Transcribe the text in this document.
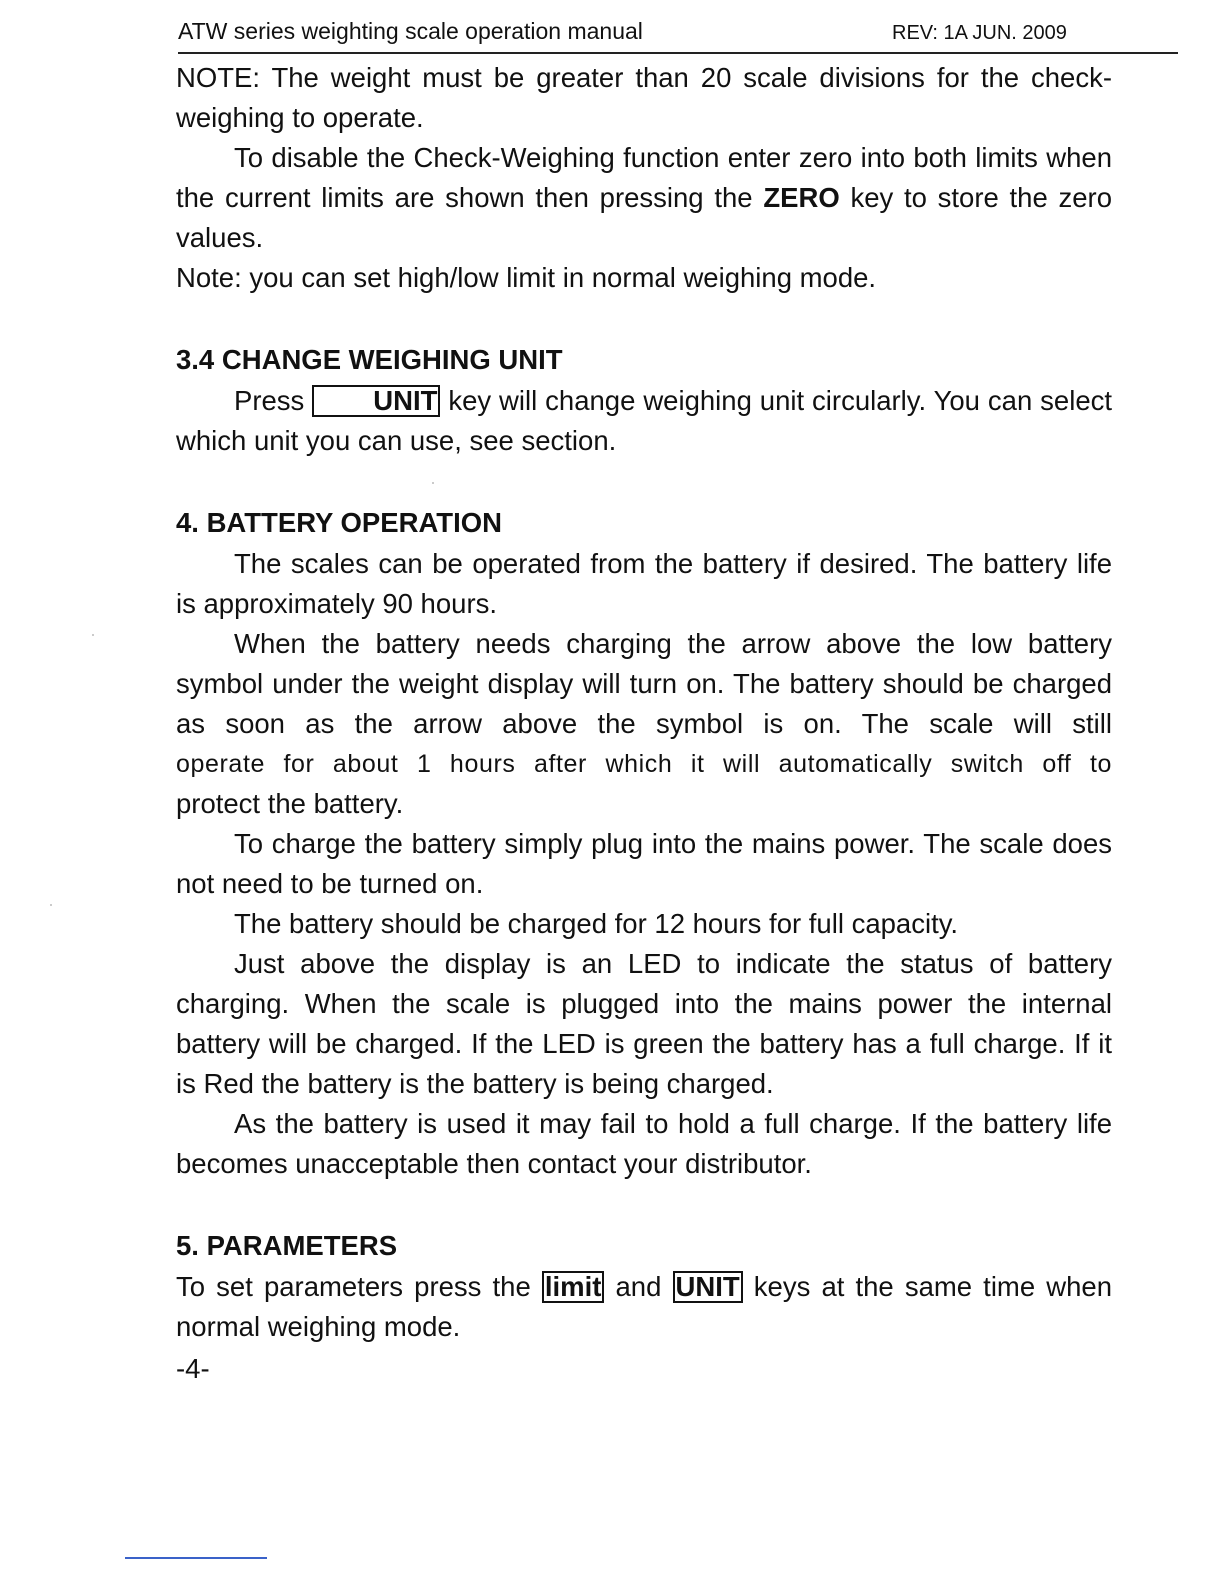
ATW series weighting scale operation manual	REV: 1A JUN. 2009

NOTE: The weight must be greater than 20 scale divisions for the check-weighing to operate.

To disable the Check-Weighing function enter zero into both limits when the current limits are shown then pressing the ZERO key to store the zero values.

Note: you can set high/low limit in normal weighing mode.

3.4 CHANGE WEIGHING UNIT

Press UNIT key will change weighing unit circularly. You can select which unit you can use, see section.

4. BATTERY OPERATION

The scales can be operated from the battery if desired. The battery life is approximately 90 hours.

When the battery needs charging the arrow above the low battery symbol under the weight display will turn on. The battery should be charged as soon as the arrow above the symbol is on. The scale will still

operate for about 1 hours after which it will automatically switch off to

protect the battery.

To charge the battery simply plug into the mains power. The scale does not need to be turned on.

The battery should be charged for 12 hours for full capacity.

Just above the display is an LED to indicate the status of battery charging. When the scale is plugged into the mains power the internal battery will be charged. If the LED is green the battery has a full charge. If it is Red the battery is the battery is being charged.

As the battery is used it may fail to hold a full charge. If the battery life becomes unacceptable then contact your distributor.

5. PARAMETERS

To set parameters press the limit and UNIT keys at the same time when normal weighing mode.

-4-
